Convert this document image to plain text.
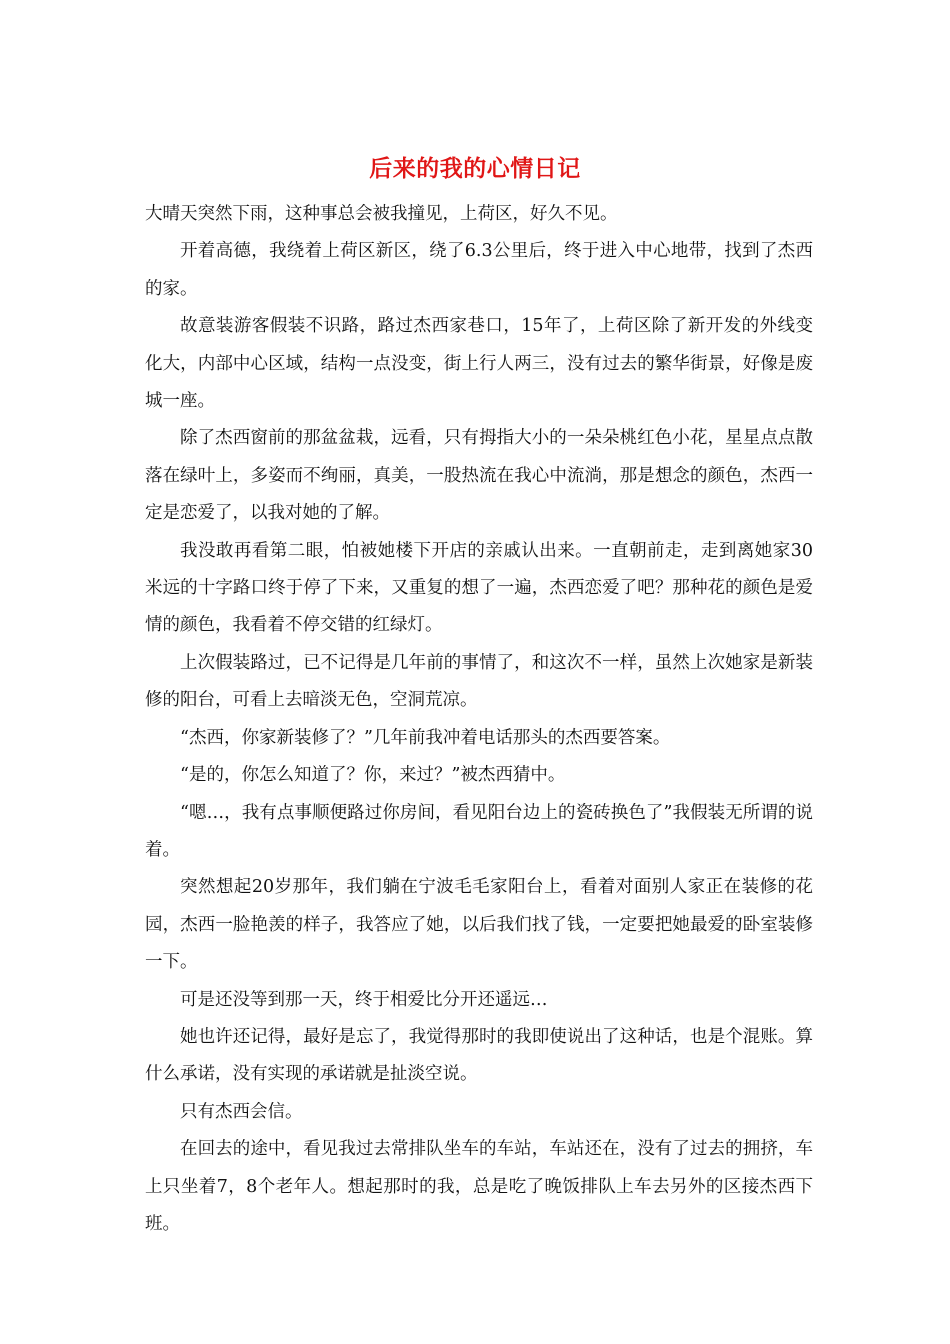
后来的我的心情日记

大晴天突然下雨，这种事总会被我撞见，上荷区，好久不见。

开着高德，我绕着上荷区新区，绕了6.3公里后，终于进入中心地带，找到了杰西的家。

故意装游客假装不识路，路过杰西家巷口，15年了，上荷区除了新开发的外线变化大，内部中心区域，结构一点没变，街上行人两三，没有过去的繁华街景，好像是废城一座。

除了杰西窗前的那盆盆栽，远看，只有拇指大小的一朵朵桃红色小花，星星点点散落在绿叶上，多姿而不绚丽，真美，一股热流在我心中流淌，那是想念的颜色，杰西一定是恋爱了，以我对她的了解。

我没敢再看第二眼，怕被她楼下开店的亲戚认出来。一直朝前走，走到离她家30米远的十字路口终于停了下来，又重复的想了一遍，杰西恋爱了吧？那种花的颜色是爱情的颜色，我看着不停交错的红绿灯。

上次假装路过，已不记得是几年前的事情了，和这次不一样，虽然上次她家是新装修的阳台，可看上去暗淡无色，空洞荒凉。

“杰西，你家新装修了？”几年前我冲着电话那头的杰西要答案。

“是的，你怎么知道了？你，来过？”被杰西猜中。

“嗯…，我有点事顺便路过你房间，看见阳台边上的瓷砖换色了”我假装无所谓的说着。

突然想起20岁那年，我们躺在宁波毛毛家阳台上，看着对面别人家正在装修的花园，杰西一脸艳羡的样子，我答应了她，以后我们找了钱，一定要把她最爱的卧室装修一下。

可是还没等到那一天，终于相爱比分开还遥远…

她也许还记得，最好是忘了，我觉得那时的我即使说出了这种话，也是个混账。算什么承诺，没有实现的承诺就是扯淡空说。

只有杰西会信。

在回去的途中，看见我过去常排队坐车的车站，车站还在，没有了过去的拥挤，车上只坐着7，8个老年人。想起那时的我，总是吃了晚饭排队上车去另外的区接杰西下班。
